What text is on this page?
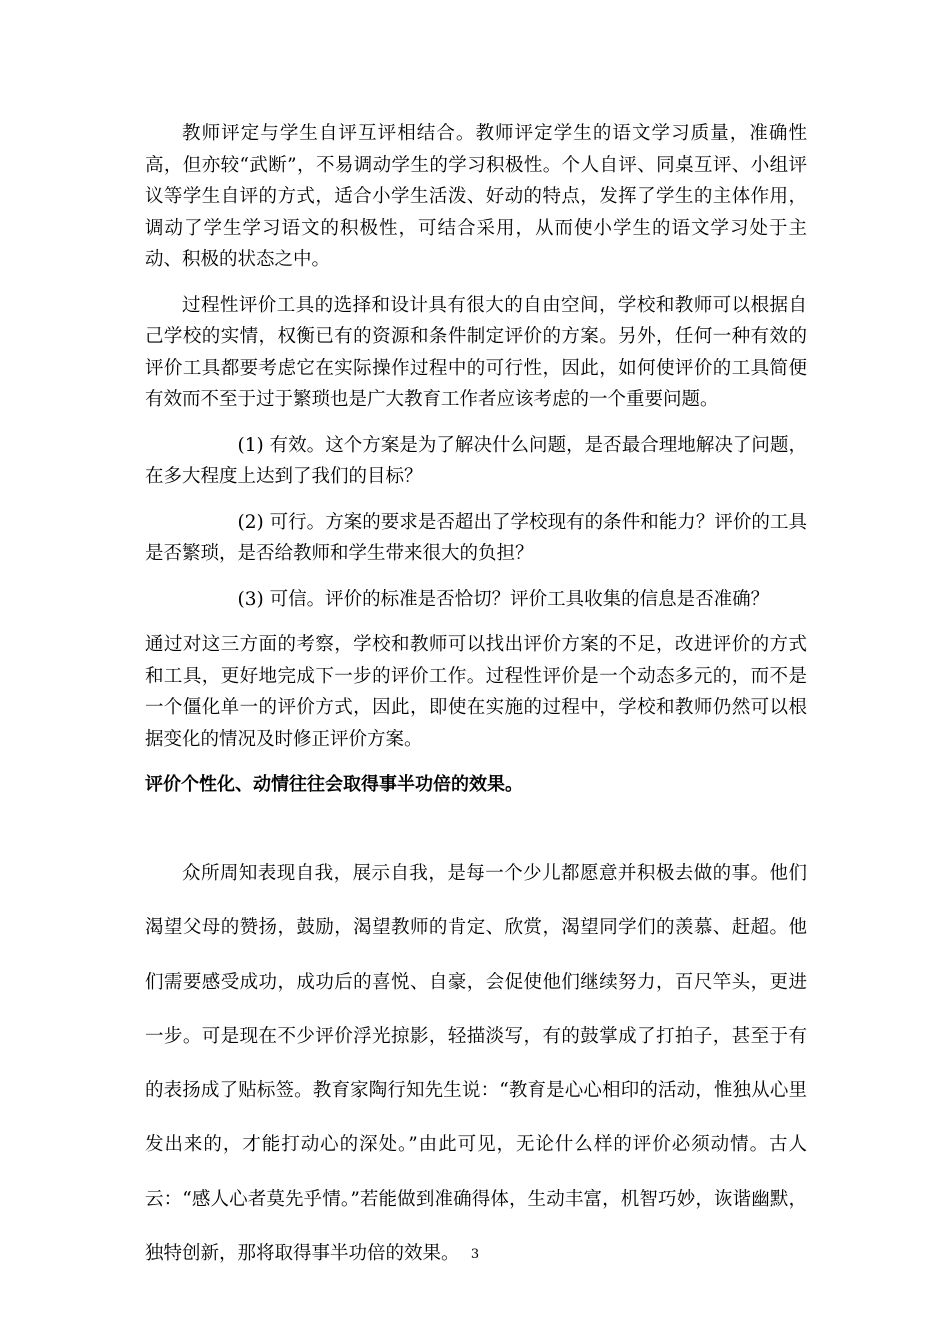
教师评定与学生自评互评相结合。教师评定学生的语文学习质量，准确性高，但亦较“武断”，不易调动学生的学习积极性。个人自评、同桌互评、小组评议等学生自评的方式，适合小学生活泼、好动的特点，发挥了学生的主体作用，调动了学生学习语文的积极性，可结合采用，从而使小学生的语文学习处于主动、积极的状态之中。

过程性评价工具的选择和设计具有很大的自由空间，学校和教师可以根据自己学校的实情，权衡已有的资源和条件制定评价的方案。另外，任何一种有效的评价工具都要考虑它在实际操作过程中的可行性，因此，如何使评价的工具简便有效而不至于过于繁琐也是广大教育工作者应该考虑的一个重要问题。

(1) 有效。这个方案是为了解决什么问题，是否最合理地解决了问题，在多大程度上达到了我们的目标？

(2) 可行。方案的要求是否超出了学校现有的条件和能力？评价的工具是否繁琐，是否给教师和学生带来很大的负担？

(3) 可信。评价的标准是否恰切？评价工具收集的信息是否准确？

通过对这三方面的考察，学校和教师可以找出评价方案的不足，改进评价的方式和工具，更好地完成下一步的评价工作。过程性评价是一个动态多元的，而不是一个僵化单一的评价方式，因此，即使在实施的过程中，学校和教师仍然可以根据变化的情况及时修正评价方案。

评价个性化、动情往往会取得事半功倍的效果。

众所周知表现自我，展示自我，是每一个少儿都愿意并积极去做的事。他们渴望父母的赞扬，鼓励，渴望教师的肯定、欣赏，渴望同学们的羡慕、赶超。他们需要感受成功，成功后的喜悦、自豪，会促使他们继续努力，百尺竿头，更进一步。可是现在不少评价浮光掠影，轻描淡写，有的鼓掌成了打拍子，甚至于有的表扬成了贴标签。教育家陶行知先生说：“教育是心心相印的活动，惟独从心里发出来的，才能打动心的深处。”由此可见，无论什么样的评价必须动情。古人云：“感人心者莫先乎情。”若能做到准确得体，生动丰富，机智巧妙，诙谐幽默，独特创新，那将取得事半功倍的效果。 3
